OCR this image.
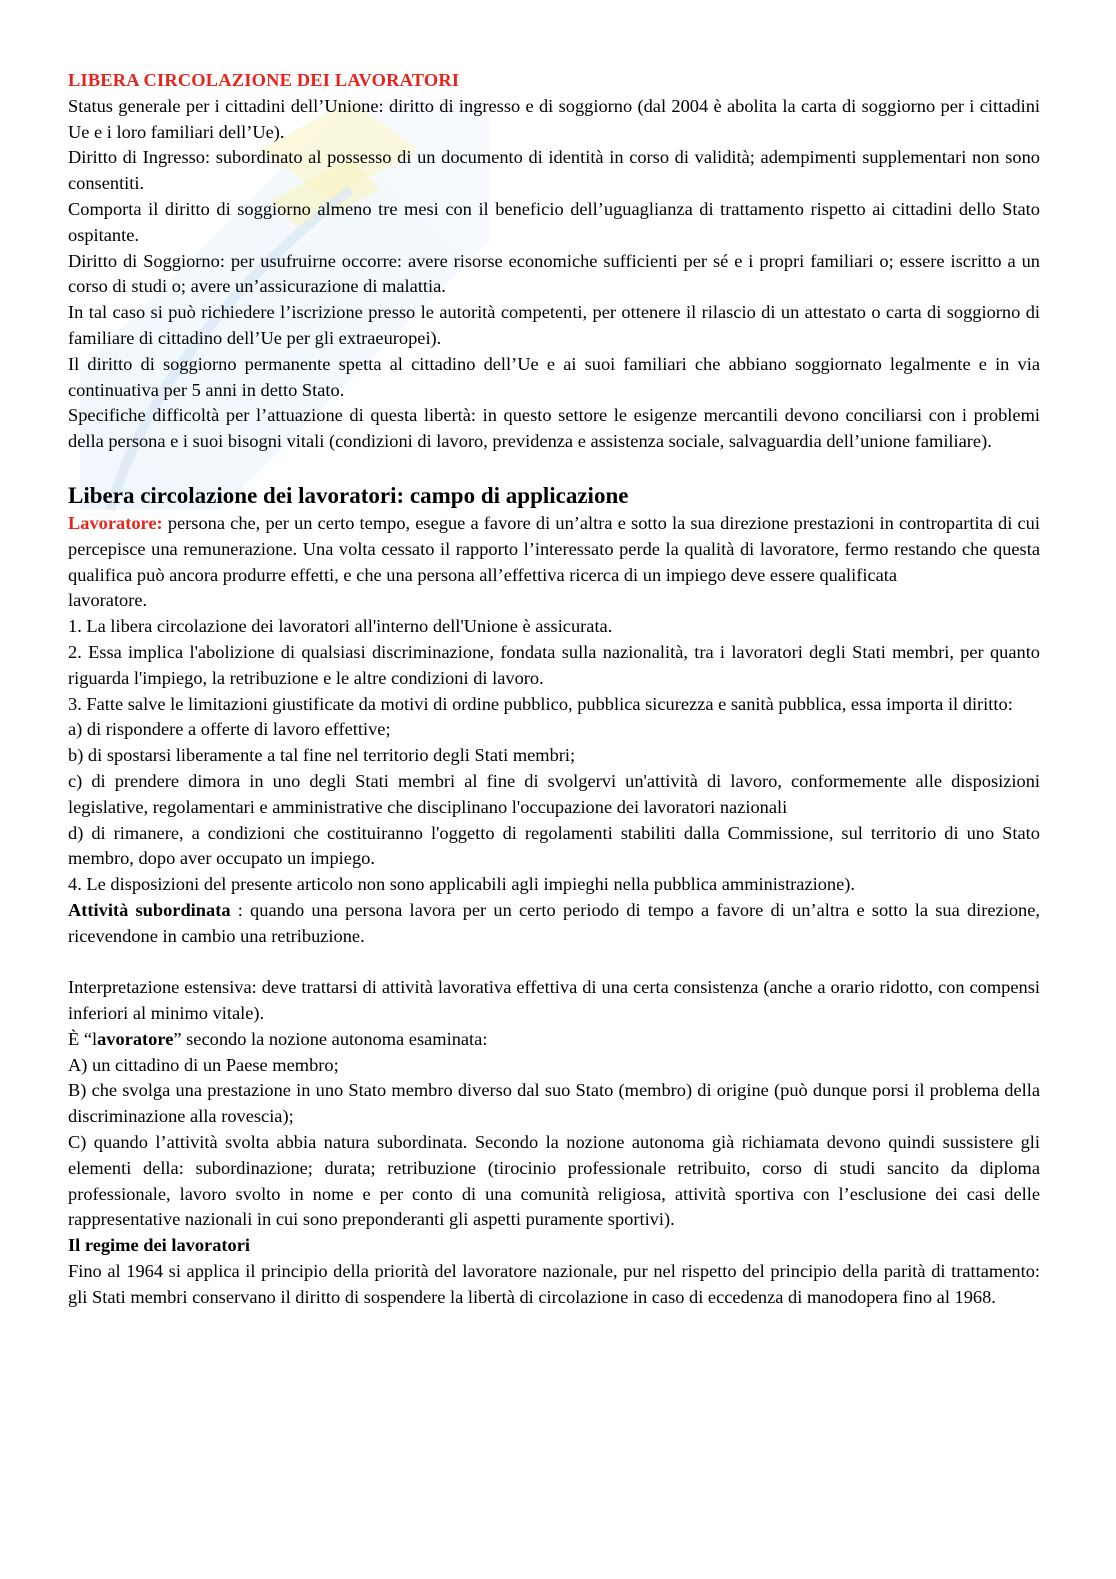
LIBERA CIRCOLAZIONE DEI LAVORATORI

Status generale per i cittadini dell’Unione: diritto di ingresso e di soggiorno (dal 2004 è abolita la carta di soggiorno per i cittadini Ue e i loro familiari dell’Ue).

Diritto di Ingresso: subordinato al possesso di un documento di identità in corso di validità; adempimenti supplementari non sono consentiti.

Comporta il diritto di soggiorno almeno tre mesi con il beneficio dell’uguaglianza di trattamento rispetto ai cittadini dello Stato ospitante.

Diritto di Soggiorno: per usufruirne occorre: avere risorse economiche sufficienti per sé e i propri familiari o; essere iscritto a un corso di studi o; avere un’assicurazione di malattia.

In tal caso si può richiedere l’iscrizione presso le autorità competenti, per ottenere il rilascio di un attestato o carta di soggiorno di familiare di cittadino dell’Ue per gli extraeuropei).

Il diritto di soggiorno permanente spetta al cittadino dell’Ue e ai suoi familiari che abbiano soggiornato legalmente e in via continuativa per 5 anni in detto Stato.

Specifiche difficoltà per l’attuazione di questa libertà: in questo settore le esigenze mercantili devono conciliarsi con i problemi della persona e i suoi bisogni vitali (condizioni di lavoro, previdenza e assistenza sociale, salvaguardia dell’unione familiare).

Libera circolazione dei lavoratori: campo di applicazione

Lavoratore: persona che, per un certo tempo, esegue a favore di un’altra e sotto la sua direzione prestazioni in contropartita di cui percepisce una remunerazione. Una volta cessato il rapporto l’interessato perde la qualità di lavoratore, fermo restando che questa qualifica può ancora produrre effetti, e che una persona all’effettiva ricerca di un impiego deve essere qualificata

lavoratore.

1. La libera circolazione dei lavoratori all'interno dell'Unione è assicurata.

2. Essa implica l'abolizione di qualsiasi discriminazione, fondata sulla nazionalità, tra i lavoratori degli Stati membri, per quanto riguarda l'impiego, la retribuzione e le altre condizioni di lavoro.

3. Fatte salve le limitazioni giustificate da motivi di ordine pubblico, pubblica sicurezza e sanità pubblica, essa importa il diritto:

a) di rispondere a offerte di lavoro effettive;

b) di spostarsi liberamente a tal fine nel territorio degli Stati membri;

c) di prendere dimora in uno degli Stati membri al fine di svolgervi un'attività di lavoro, conformemente alle disposizioni legislative, regolamentari e amministrative che disciplinano l'occupazione dei lavoratori nazionali

d) di rimanere, a condizioni che costituiranno l'oggetto di regolamenti stabiliti dalla Commissione, sul territorio di uno Stato membro, dopo aver occupato un impiego.

4. Le disposizioni del presente articolo non sono applicabili agli impieghi nella pubblica amministrazione).

Attività subordinata : quando una persona lavora per un certo periodo di tempo a favore di un’altra e sotto la sua direzione, ricevendone in cambio una retribuzione.

Interpretazione estensiva: deve trattarsi di attività lavorativa effettiva di una certa consistenza (anche a orario ridotto, con compensi inferiori al minimo vitale).

È “lavoratore” secondo la nozione autonoma esaminata:

A) un cittadino di un Paese membro;

B) che svolga una prestazione in uno Stato membro diverso dal suo Stato (membro) di origine (può dunque porsi il problema della discriminazione alla rovescia);

C) quando l’attività svolta abbia natura subordinata. Secondo la nozione autonoma già richiamata devono quindi sussistere gli elementi della: subordinazione; durata; retribuzione (tirocinio professionale retribuito, corso di studi sancito da diploma professionale, lavoro svolto in nome e per conto di una comunità religiosa, attività sportiva con l’esclusione dei casi delle rappresentative nazionali in cui sono preponderanti gli aspetti puramente sportivi).

Il regime dei lavoratori

Fino al 1964 si applica il principio della priorità del lavoratore nazionale, pur nel rispetto del principio della parità di trattamento: gli Stati membri conservano il diritto di sospendere la libertà di circolazione in caso di eccedenza di manodopera fino al 1968.
